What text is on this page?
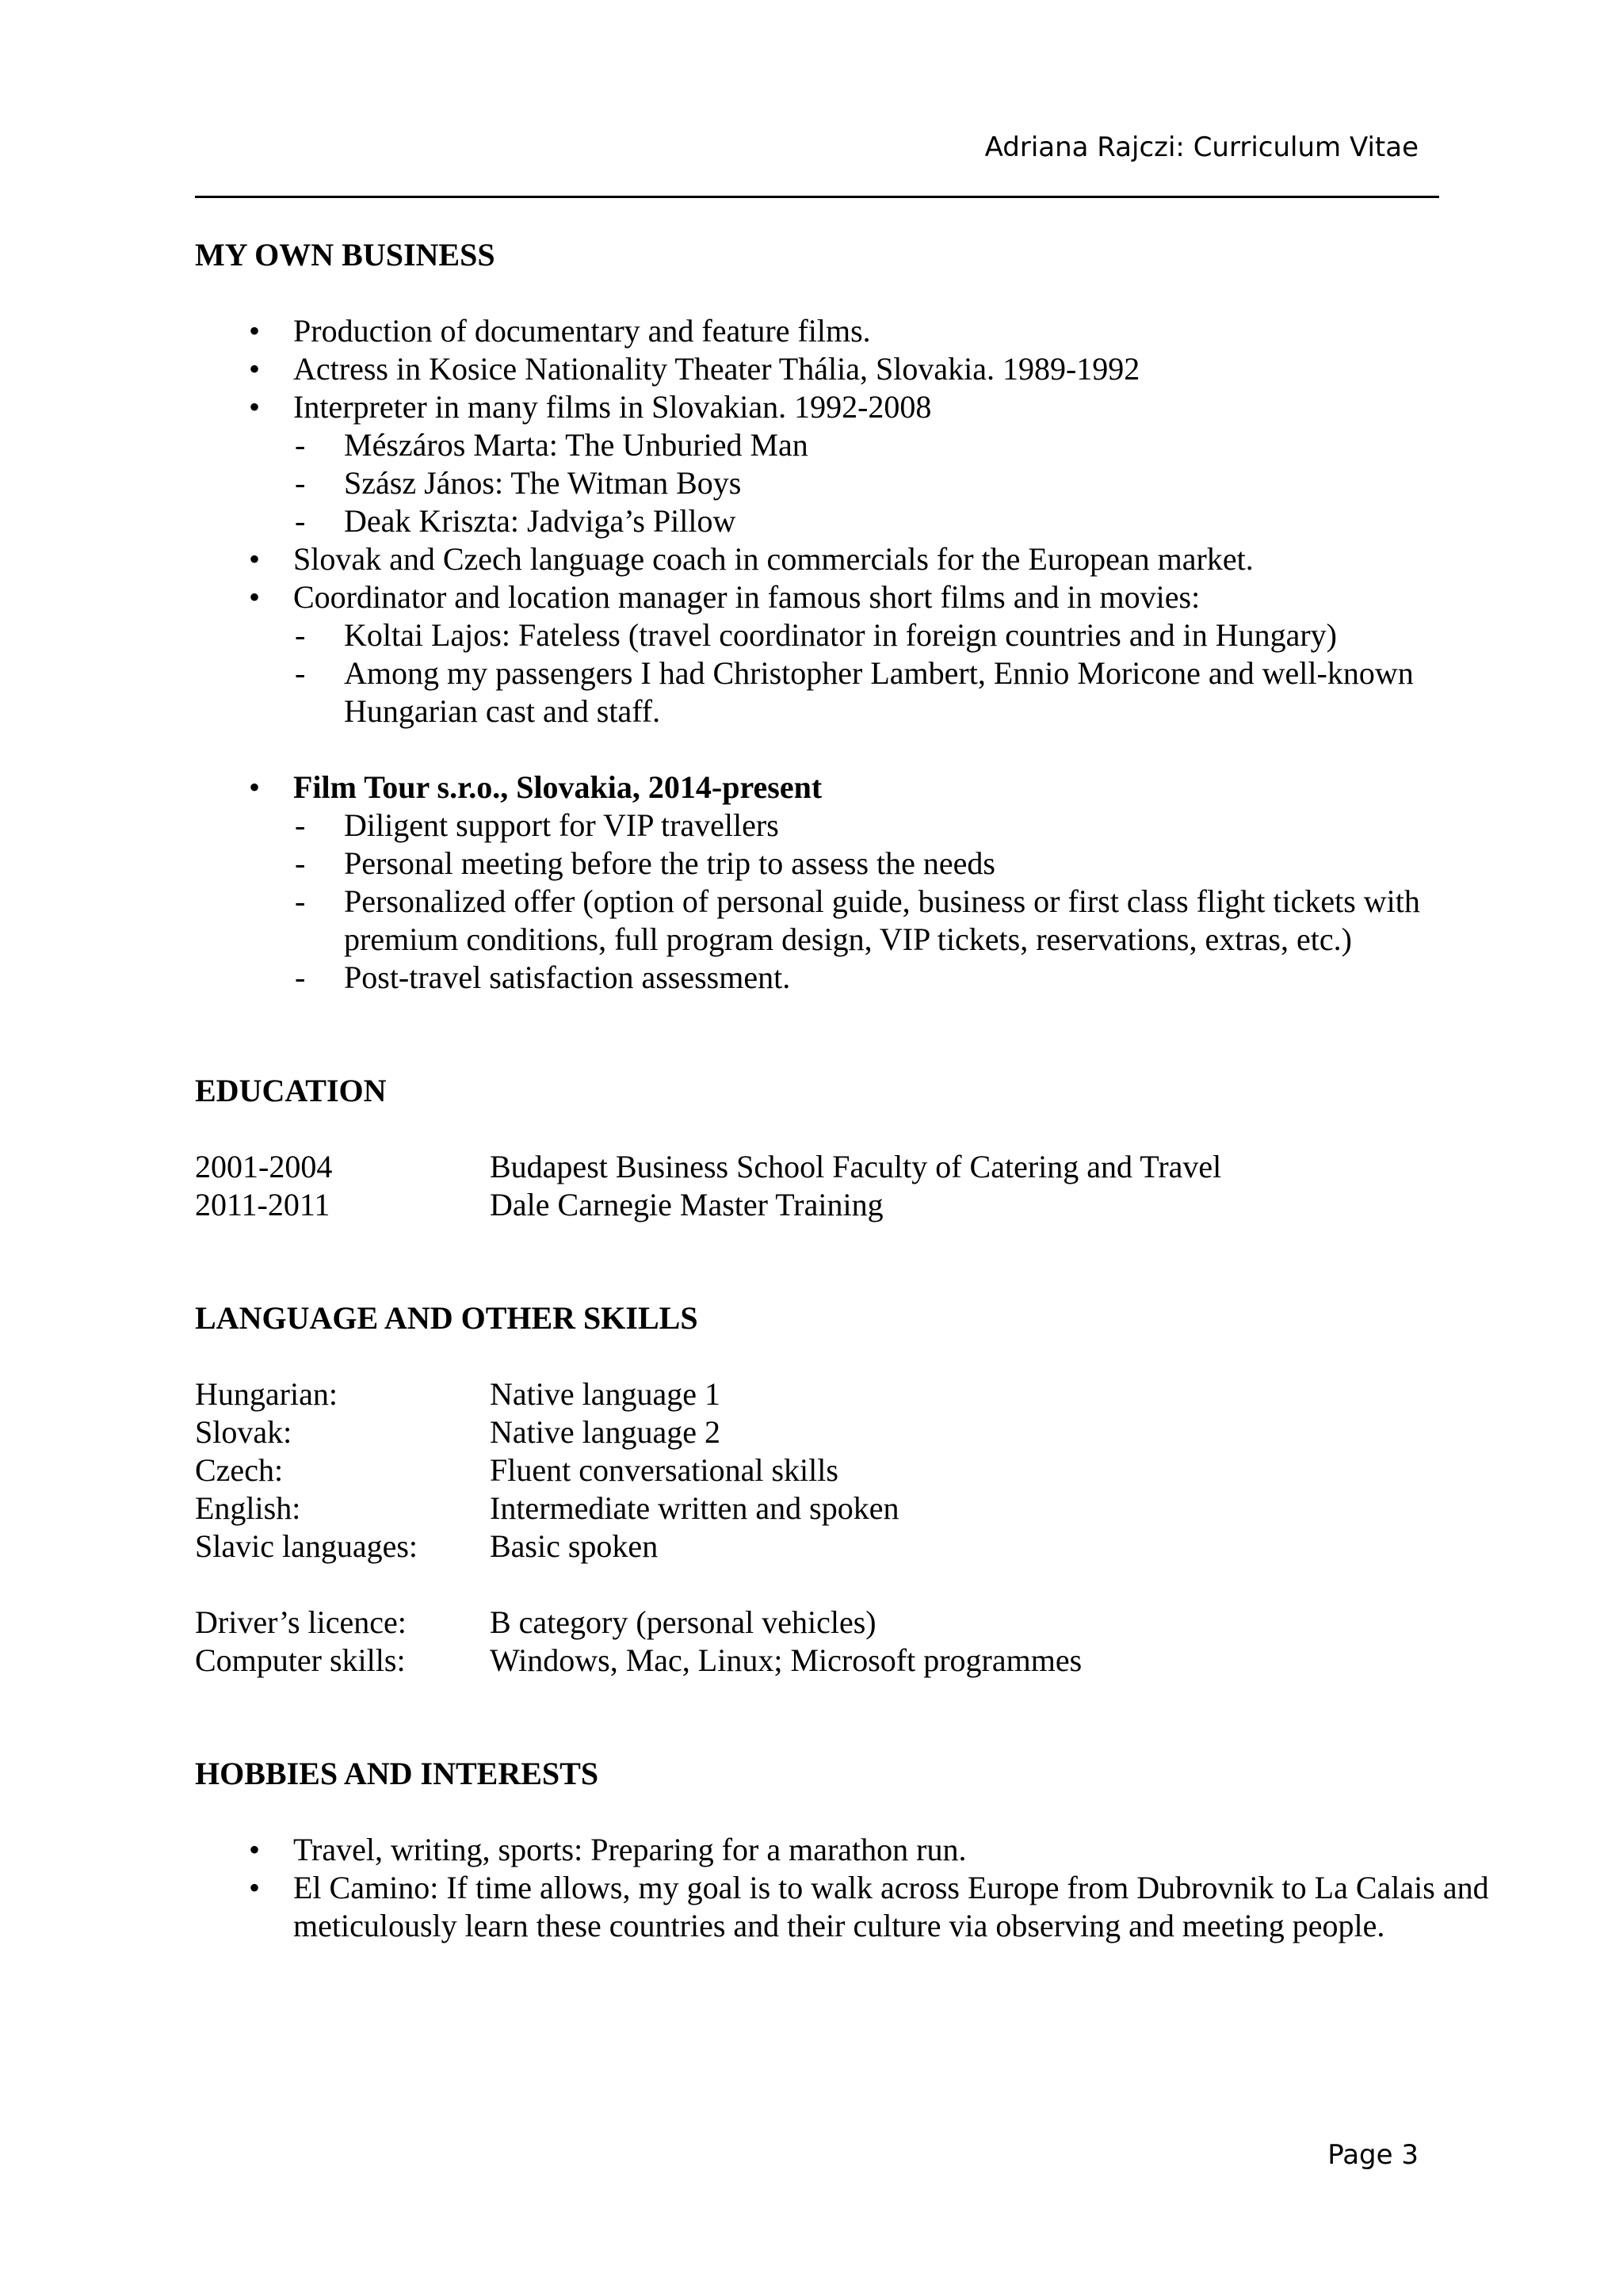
Adriana Rajczi: Curriculum Vitae
MY OWN BUSINESS
• Production of documentary and feature films.
• Actress in Kosice Nationality Theater Thália, Slovakia. 1989-1992
• Interpreter in many films in Slovakian. 1992-2008
- Mészáros Marta: The Unburied Man
- Szász János: The Witman Boys
- Deak Kriszta: Jadviga’s Pillow
• Slovak and Czech language coach in commercials for the European market.
• Coordinator and location manager in famous short films and in movies:
- Koltai Lajos: Fateless (travel coordinator in foreign countries and in Hungary)
- Among my passengers I had Christopher Lambert, Ennio Moricone and well-known Hungarian cast and staff.
• Film Tour s.r.o., Slovakia, 2014-present
- Diligent support for VIP travellers
- Personal meeting before the trip to assess the needs
- Personalized offer (option of personal guide, business or first class flight tickets with premium conditions, full program design, VIP tickets, reservations, extras, etc.)
- Post-travel satisfaction assessment.
EDUCATION
2001-2004	Budapest Business School Faculty of Catering and Travel
2011-2011	Dale Carnegie Master Training
LANGUAGE AND OTHER SKILLS
Hungarian:	Native language 1
Slovak:	Native language 2
Czech:	Fluent conversational skills
English:	Intermediate written and spoken
Slavic languages:	Basic spoken
Driver’s licence:	B category (personal vehicles)
Computer skills:	Windows, Mac, Linux; Microsoft programmes
HOBBIES AND INTERESTS
• Travel, writing, sports: Preparing for a marathon run.
• El Camino: If time allows, my goal is to walk across Europe from Dubrovnik to La Calais and meticulously learn these countries and their culture via observing and meeting people.
Page 3
